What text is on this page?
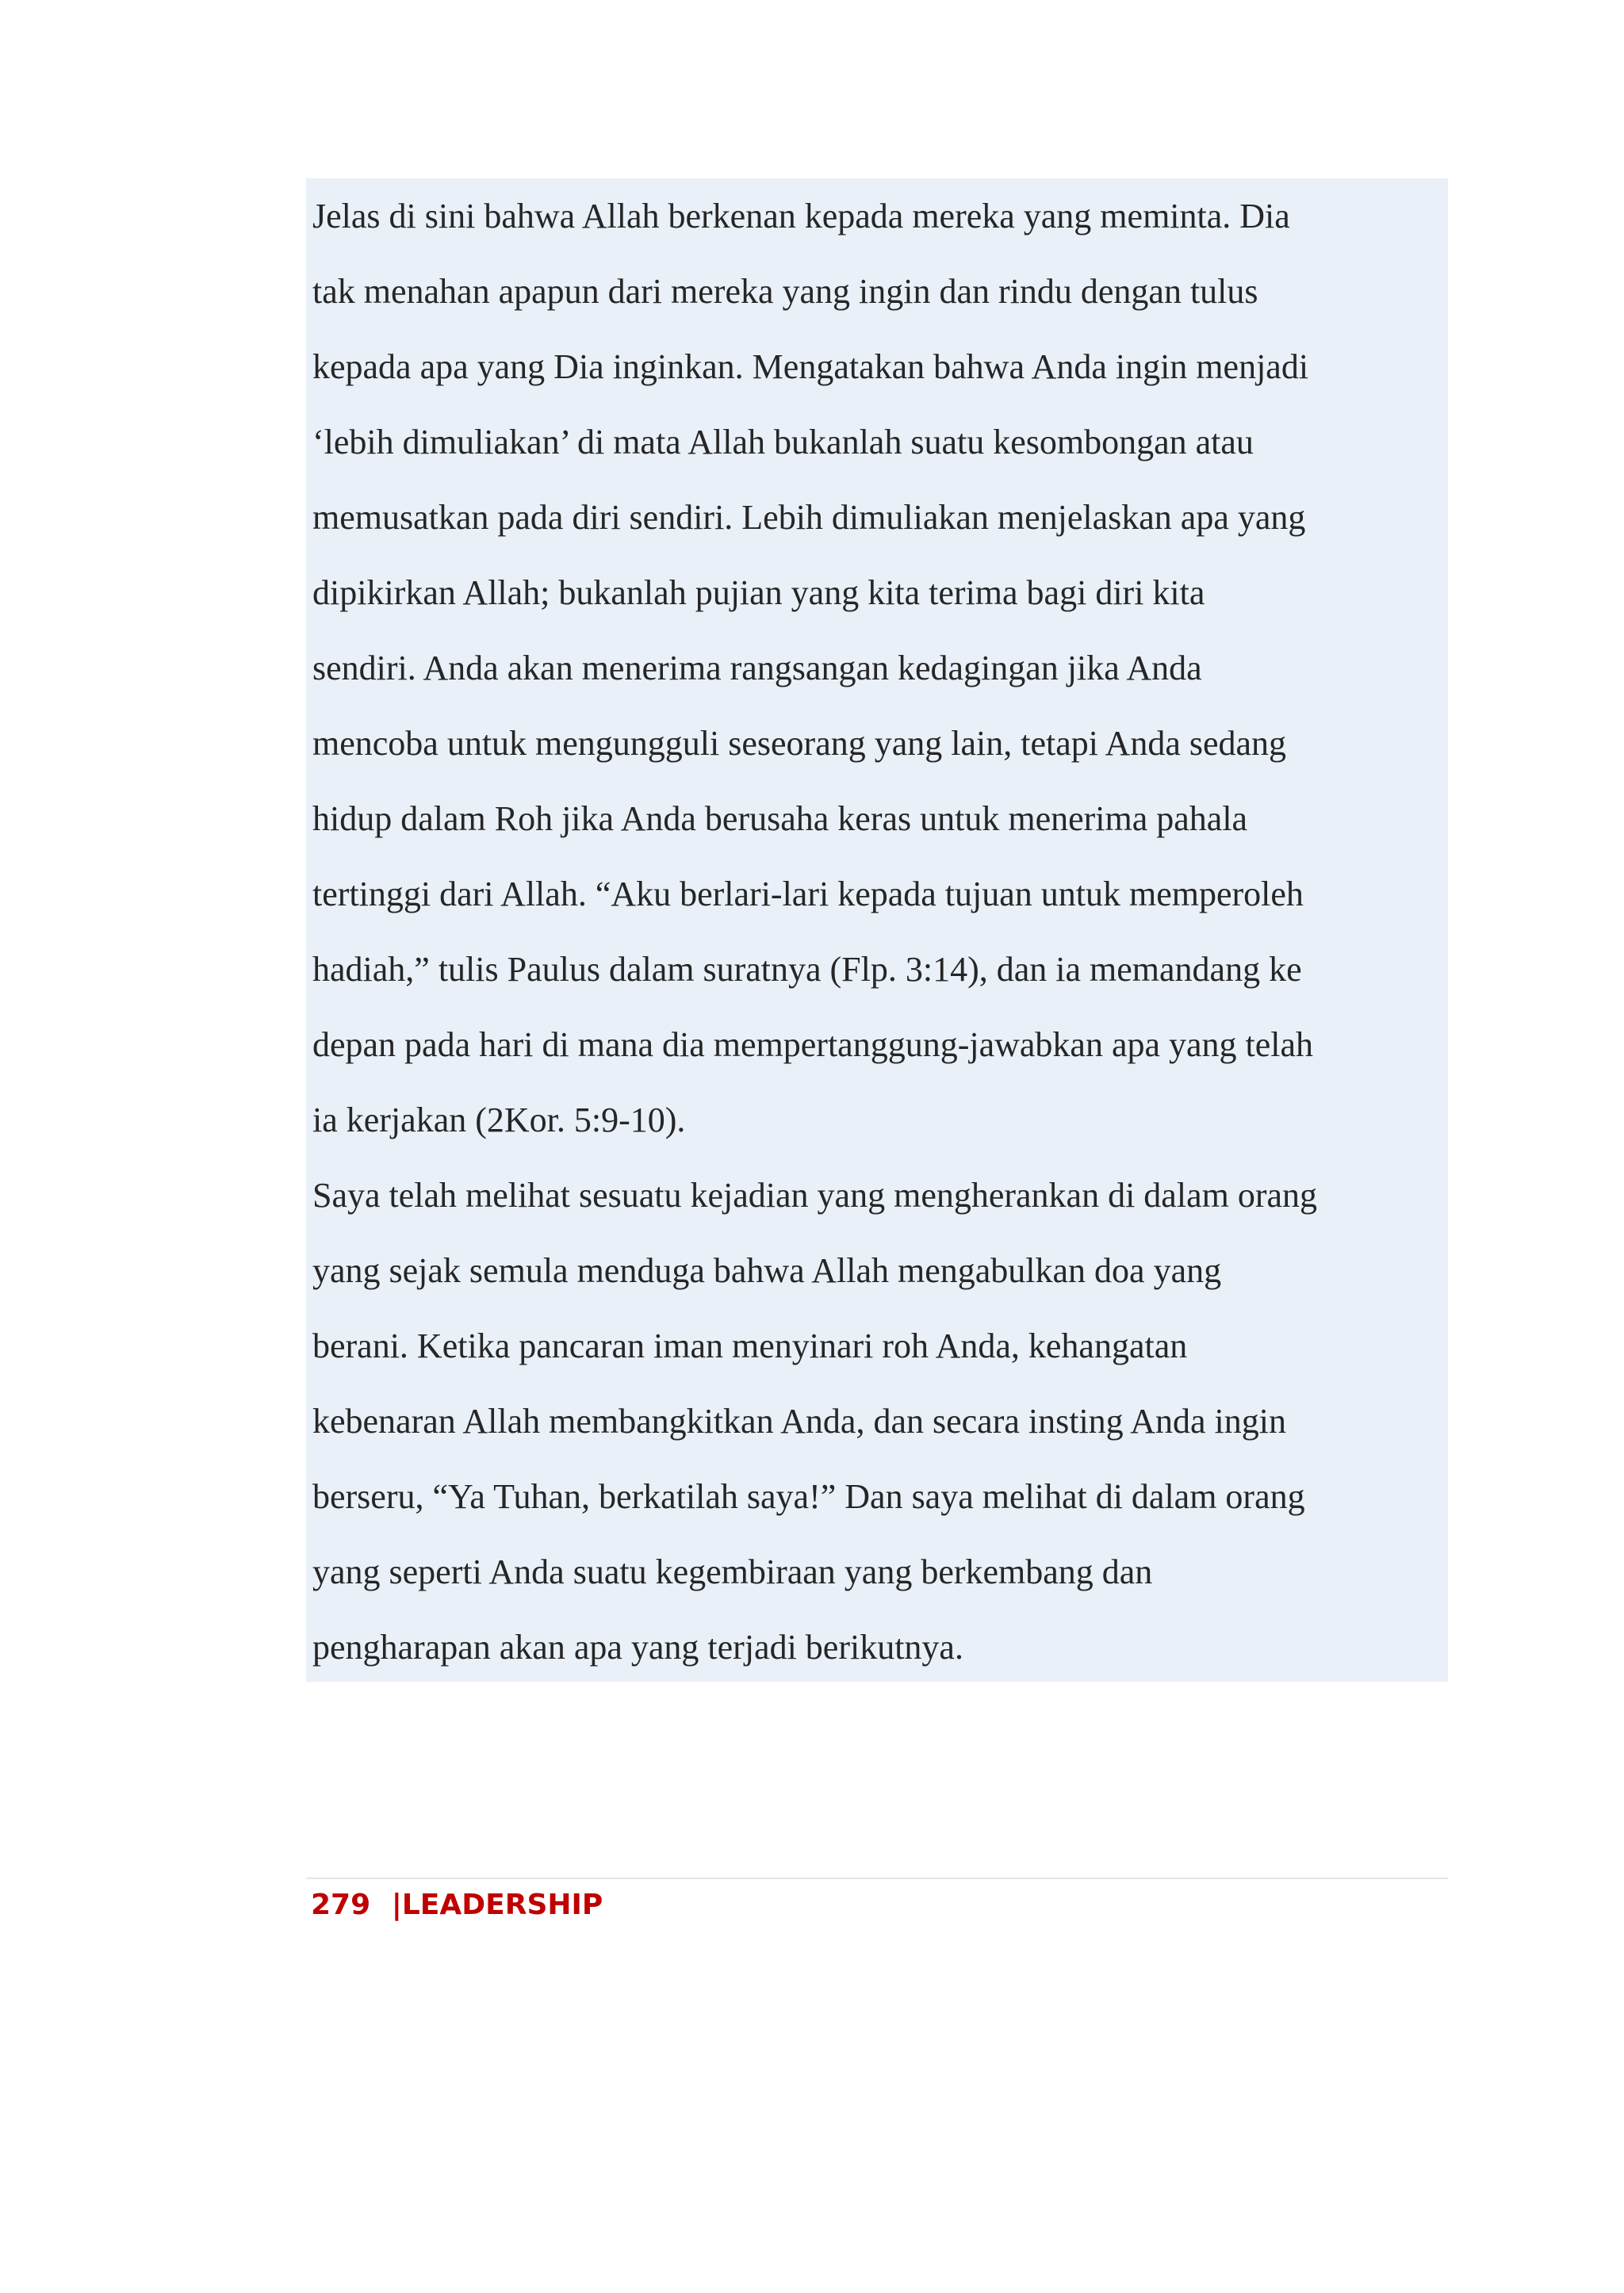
Jelas di sini bahwa Allah berkenan kepada mereka yang meminta. Dia
tak menahan apapun dari mereka yang ingin dan rindu dengan tulus
kepada apa yang Dia inginkan. Mengatakan bahwa Anda ingin menjadi
‘lebih dimuliakan’ di mata Allah bukanlah suatu kesombongan atau
memusatkan pada diri sendiri. Lebih dimuliakan menjelaskan apa yang
dipikirkan Allah; bukanlah pujian yang kita terima bagi diri kita
sendiri. Anda akan menerima rangsangan kedagingan jika Anda
mencoba untuk mengungguli seseorang yang lain, tetapi Anda sedang
hidup dalam Roh jika Anda berusaha keras untuk menerima pahala
tertinggi dari Allah. “Aku berlari-lari kepada tujuan untuk memperoleh
hadiah,” tulis Paulus dalam suratnya (Flp. 3:14), dan ia memandang ke
depan pada hari di mana dia mempertanggung-jawabkan apa yang telah
ia kerjakan (2Kor. 5:9-10).
Saya telah melihat sesuatu kejadian yang mengherankan di dalam orang
yang sejak semula menduga bahwa Allah mengabulkan doa yang
berani. Ketika pancaran iman menyinari roh Anda, kehangatan
kebenaran Allah membangkitkan Anda, dan secara insting Anda ingin
berseru, “Ya Tuhan, berkatilah saya!” Dan saya melihat di dalam orang
yang seperti Anda suatu kegembiraan yang berkembang dan
pengharapan akan apa yang terjadi berikutnya.
279 |LEADERSHIP
